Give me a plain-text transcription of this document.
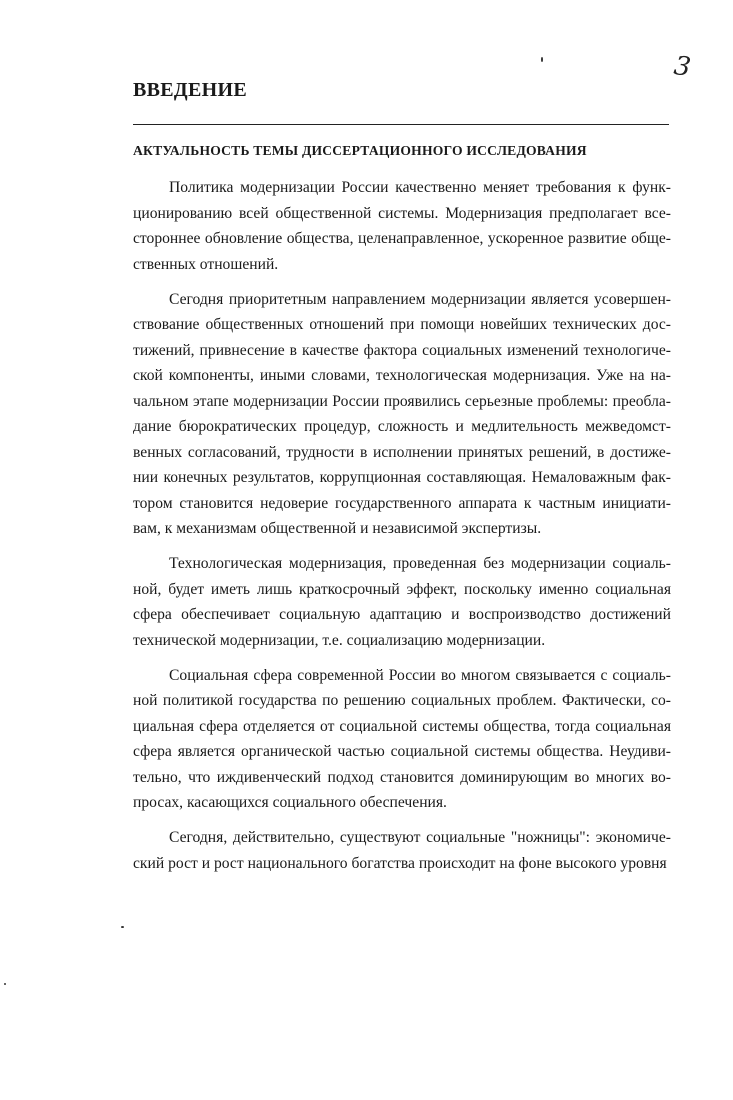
3
ВВЕДЕНИЕ
АКТУАЛЬНОСТЬ ТЕМЫ ДИССЕРТАЦИОННОГО ИССЛЕДОВАНИЯ

Политика модернизации России качественно меняет требования к функционированию всей общественной системы. Модернизация предполагает всестороннее обновление общества, целенаправленное, ускоренное развитие общественных отношений.

Сегодня приоритетным направлением модернизации является усовершенствование общественных отношений при помощи новейших технических достижений, привнесение в качестве фактора социальных изменений технологической компоненты, иными словами, технологическая модернизация. Уже на начальном этапе модернизации России проявились серьезные проблемы: преобладание бюрократических процедур, сложность и медлительность межведомственных согласований, трудности в исполнении принятых решений, в достижении конечных результатов, коррупционная составляющая. Немаловажным фактором становится недоверие государственного аппарата к частным инициативам, к механизмам общественной и независимой экспертизы.

Технологическая модернизация, проведенная без модернизации социальной, будет иметь лишь краткосрочный эффект, поскольку именно социальная сфера обеспечивает социальную адаптацию и воспроизводство достижений технической модернизации, т.е. социализацию модернизации.

Социальная сфера современной России во многом связывается с социальной политикой государства по решению социальных проблем. Фактически, социальная сфера отделяется от социальной системы общества, тогда социальная сфера является органической частью социальной системы общества. Неудивительно, что иждивенческий подход становится доминирующим во многих вопросах, касающихся социального обеспечения.

Сегодня, действительно, существуют социальные "ножницы": экономический рост и рост национального богатства происходит на фоне высокого уровня
